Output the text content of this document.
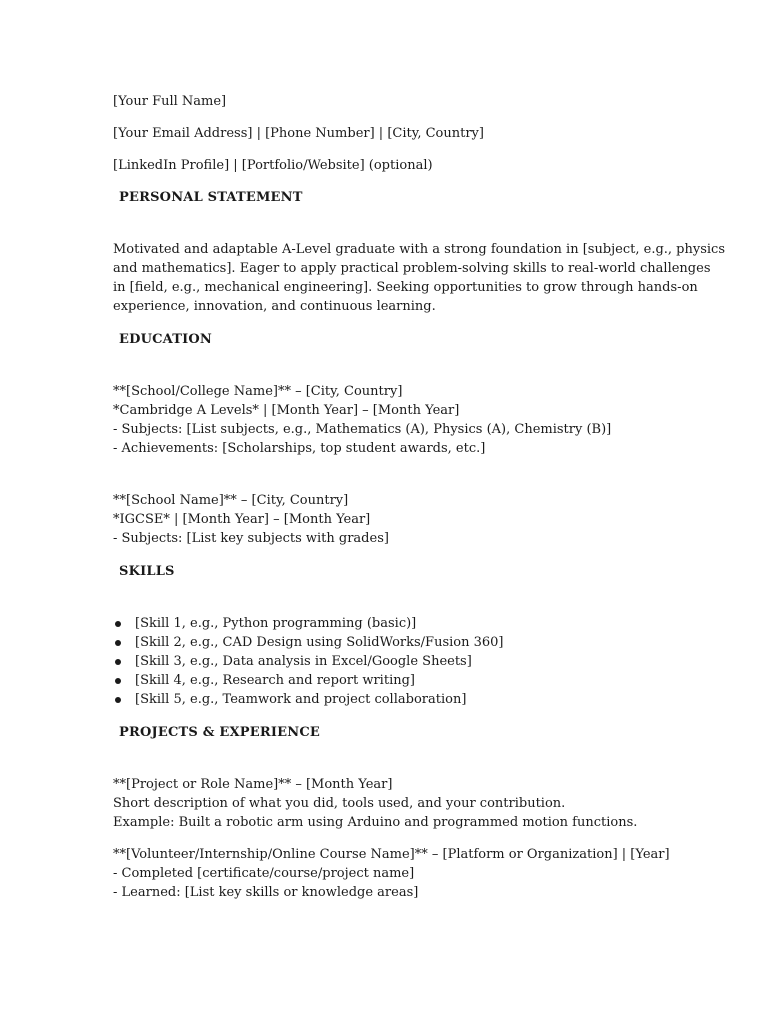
[Your Full Name]

[Your Email Address] | [Phone Number] | [City, Country]

[LinkedIn Profile] | [Portfolio/Website] (optional)

PERSONAL STATEMENT

Motivated and adaptable A-Level graduate with a strong foundation in [subject, e.g., physics

and mathematics]. Eager to apply practical problem-solving skills to real-world challenges

in [field, e.g., mechanical engineering]. Seeking opportunities to grow through hands-on

experience, innovation, and continuous learning.

EDUCATION

**[School/College Name]** – [City, Country]

*Cambridge A Levels* | [Month Year] – [Month Year]

- Subjects: [List subjects, e.g., Mathematics (A), Physics (A), Chemistry (B)]

- Achievements: [Scholarships, top student awards, etc.]

**[School Name]** – [City, Country]

*IGCSE* | [Month Year] – [Month Year]

- Subjects: [List key subjects with grades]

SKILLS

[Skill 1, e.g., Python programming (basic)]
[Skill 2, e.g., CAD Design using SolidWorks/Fusion 360]
[Skill 3, e.g., Data analysis in Excel/Google Sheets]
[Skill 4, e.g., Research and report writing]
[Skill 5, e.g., Teamwork and project collaboration]

PROJECTS & EXPERIENCE

**[Project or Role Name]** – [Month Year]

Short description of what you did, tools used, and your contribution.

Example: Built a robotic arm using Arduino and programmed motion functions.

**[Volunteer/Internship/Online Course Name]** – [Platform or Organization] | [Year]

- Completed [certificate/course/project name]

- Learned: [List key skills or knowledge areas]
